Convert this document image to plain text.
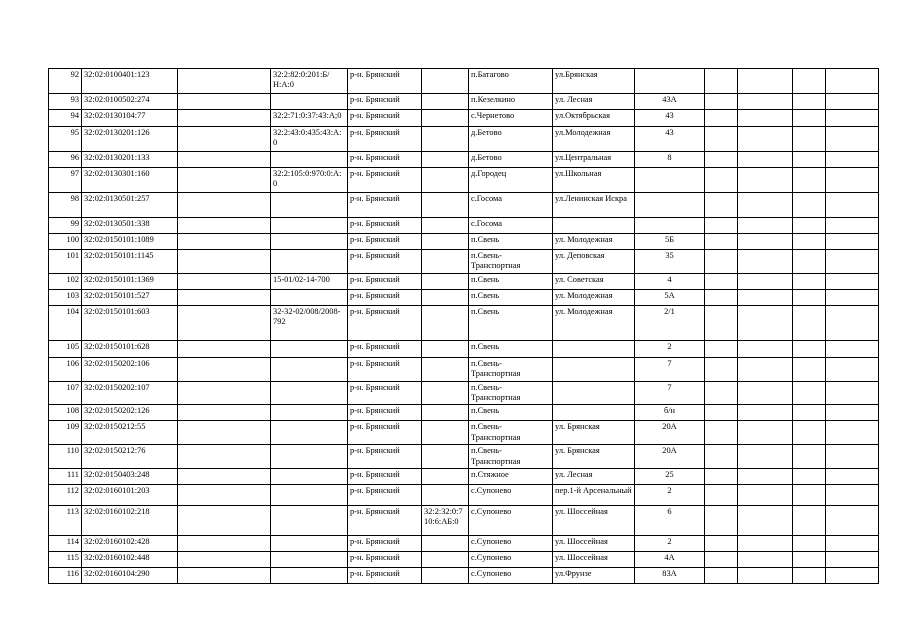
92	32:02:0100401:123		32:2:82:0:201:Б/Н:А:0	р-н. Брянский		п.Батагово	ул.Брянская					
93	32:02:0100502:274			р-н. Брянский		п.Кезелкино	ул. Лесная	43А				
94	32:02:0130104:77		32:2:71:0:37:43:А;0	р-н. Брянский		с.Чернетово	ул.Октябрьская	43				
95	32:02:0130201:126		32:2:43:0:435:43:А:0	р-н. Брянский		д.Бетово	ул.Молодежная	43				
96	32:02:0130201:133			р-н. Брянский		д.Бетово	ул.Центральная	8				
97	32:02:0130301:160		32:2:105:0:970:0:А:0	р-н. Брянский		д.Городец	ул.Школьная					
98	32:02:0130501:257			р-н. Брянский		с.Госома	ул.Ленинская Искра					
99	32:02:0130501:338			р-н. Брянский		с.Госома						
100	32:02:0150101:1089			р-н. Брянский		п.Свень	ул. Молодежная	5Б				
101	32:02:0150101:1145			р-н. Брянский		п.Свень-Транспортная	ул. Деповская	35				
102	32:02:0150101:1369		15-01/02-14-700	р-н. Брянский		п.Свень	ул. Советская	4				
103	32:02:0150101:527			р-н. Брянский		п.Свень	ул. Молодежная	5А				
104	32:02:0150101:603		32-32-02/008/2008-792	р-н. Брянский		п.Свень	ул. Молодежная	2/1				
105	32:02:0150101:628			р-н. Брянский		п.Свень		2				
106	32:02:0150202:106			р-н. Брянский		п.Свень-Транспортная		7				
107	32:02:0150202:107			р-н. Брянский		п.Свень-Транспортная		7				
108	32:02:0150202:126			р-н. Брянский		п.Свень		б/н				
109	32:02:0150212:55			р-н. Брянский		п.Свень-Транспортная	ул. Брянская	20А				
110	32:02:0150212:76			р-н. Брянский		п.Свень-Транспортная	ул. Брянская	20А				
111	32:02:0150403:248			р-н. Брянский		п.Стяжное	ул. Лесная	25				
112	32:02:0160101:203			р-н. Брянский		с.Супонево	пер.1-й Арсенальный	2				
113	32:02:0160102:218			р-н. Брянский	32:2:32:0:710:6:АБ:0	с.Супонево	ул. Шоссейная	6				
114	32:02:0160102:428			р-н. Брянский		с.Супонево	ул. Шоссейная	2				
115	32:02:0160102:448			р-н. Брянский		с.Супонево	ул. Шоссейная	4А				
116	32:02:0160104:290			р-н. Брянский		с.Супонево	ул.Фрунзе	83А				
